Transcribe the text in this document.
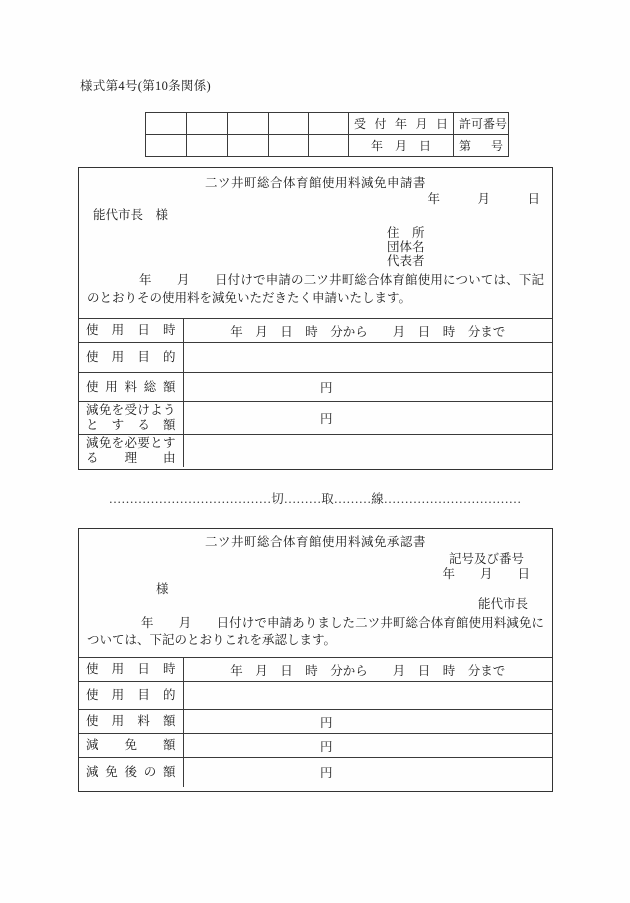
様式第4号(第10条関係)
					受付年月日	許可番号
					年　月　日	第　号
二ツ井町総合体育館使用料減免申請書
年　　　月　　　日
能代市長　様
住　所
団体名
代表者
年　　月　　日付けで申請の二ツ井町総合体育館使用については、下記のとおりその使用料を減免いただきたく申請いたします。
使用日時	年　月　日　時　分から　　月　日　時　分まで
使用目的	
使用料総額	円
減免を受けようとする額	円
減免を必要とする理由	
…………………………………切………取………線……………………………
二ツ井町総合体育館使用料減免承認書
記号及び番号
年　　月　　日
様
能代市長
年　　月　　日付けで申請ありました二ツ井町総合体育館使用料減免については、下記のとおりこれを承認します。
使用日時	年　月　日　時　分から　　月　日　時　分まで
使用目的	
使用料額	円
減免額	円
減免後の額	円
